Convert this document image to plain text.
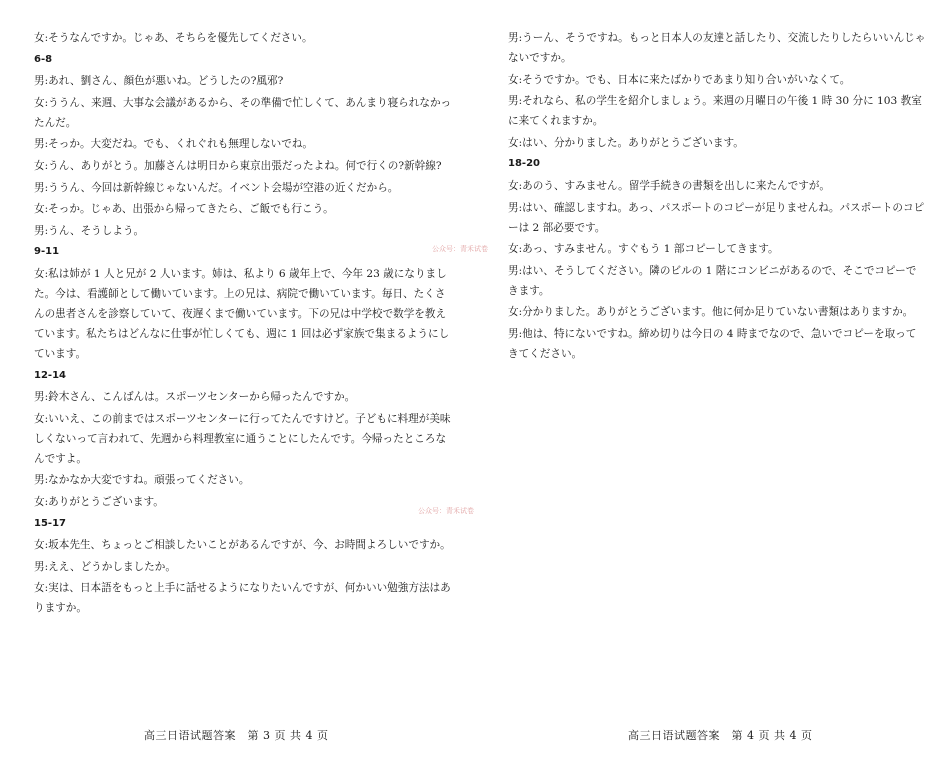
女:そうなんですか。じゃあ、そちらを優先してください。
6-8
男:あれ、劉さん、顔色が悪いね。どうしたの?風邪?
女:ううん、来週、大事な会議があるから、その準備で忙しくて、あんまり寝られなかったんだ。
男:そっか。大変だね。でも、くれぐれも無理しないでね。
女:うん、ありがとう。加藤さんは明日から東京出張だったよね。何で行くの?新幹線?
男:ううん、今回は新幹線じゃないんだ。イベント会場が空港の近くだから。
女:そっか。じゃあ、出張から帰ってきたら、ご飯でも行こう。
男:うん、そうしよう。
9-11
女:私は姉が 1 人と兄が 2 人います。姉は、私より 6 歳年上で、今年 23 歳になりました。今は、看護師として働いています。上の兄は、病院で働いています。毎日、たくさんの患者さんを診察していて、夜遅くまで働いています。下の兄は中学校で数学を教えています。私たちはどんなに仕事が忙しくても、週に 1 回は必ず家族で集まるようにしています。
12-14
男:鈴木さん、こんばんは。スポーツセンターから帰ったんですか。
女:いいえ、この前まではスポーツセンターに行ってたんですけど。子どもに料理が美味しくないって言われて、先週から料理教室に通うことにしたんです。今帰ったところなんですよ。
男:なかなか大変ですね。頑張ってください。
女:ありがとうございます。
15-17
女:坂本先生、ちょっとご相談したいことがあるんですが、今、お時間よろしいですか。
男:ええ、どうかしましたか。
女:実は、日本語をもっと上手に話せるようになりたいんですが、何かいい勉強方法はありますか。
男:うーん、そうですね。もっと日本人の友達と話したり、交流したりしたらいいんじゃないですか。
女:そうですか。でも、日本に来たばかりであまり知り合いがいなくて。
男:それなら、私の学生を紹介しましょう。来週の月曜日の午後 1 時 30 分に 103 教室に来てくれますか。
女:はい、分かりました。ありがとうございます。
18-20
女:あのう、すみません。留学手続きの書類を出しに来たんですが。
男:はい、確認しますね。あっ、パスポートのコピーが足りませんね。パスポートのコピーは 2 部必要です。
女:あっ、すみません。すぐもう 1 部コピーしてきます。
男:はい、そうしてください。隣のビルの 1 階にコンビニがあるので、そこでコピーできます。
女:分かりました。ありがとうございます。他に何か足りていない書類はありますか。
男:他は、特にないですね。締め切りは今日の 4 時までなので、急いでコピーを取ってきてください。
公众号：青禾试卷
公众号：青禾试卷
高三日语试题答案　第 3 页 共 4 页	高三日语试题答案　第 4 页 共 4 页
